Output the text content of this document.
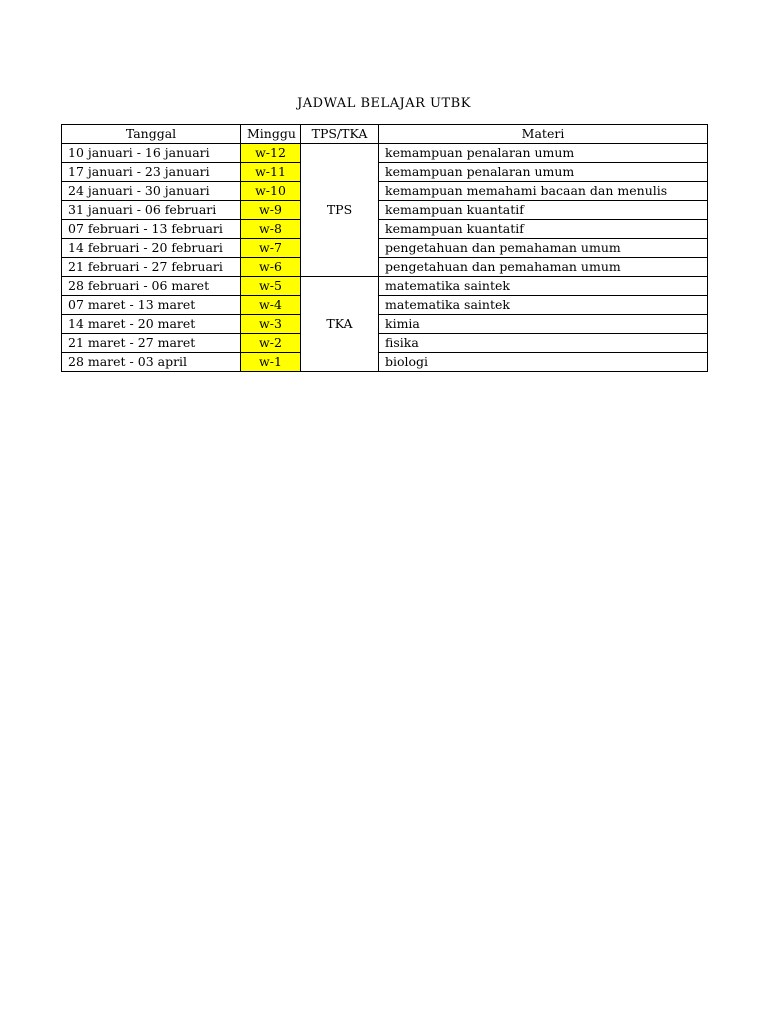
JADWAL BELAJAR UTBK
Tanggal	Minggu	TPS/TKA	Materi
10 januari - 16 januari	w-12	TPS	kemampuan penalaran umum
17 januari - 23 januari	w-11		kemampuan penalaran umum
24 januari - 30 januari	w-10		kemampuan memahami bacaan dan menulis
31 januari - 06 februari	w-9		kemampuan kuantatif
07 februari - 13 februari	w-8		kemampuan kuantatif
14 februari - 20 februari	w-7		pengetahuan dan pemahaman umum
21 februari - 27 februari	w-6		pengetahuan dan pemahaman umum
28 februari - 06 maret	w-5	TKA	matematika saintek
07 maret - 13 maret	w-4		matematika saintek
14 maret - 20 maret	w-3		kimia
21 maret - 27 maret	w-2		fisika
28 maret - 03 april	w-1		biologi
